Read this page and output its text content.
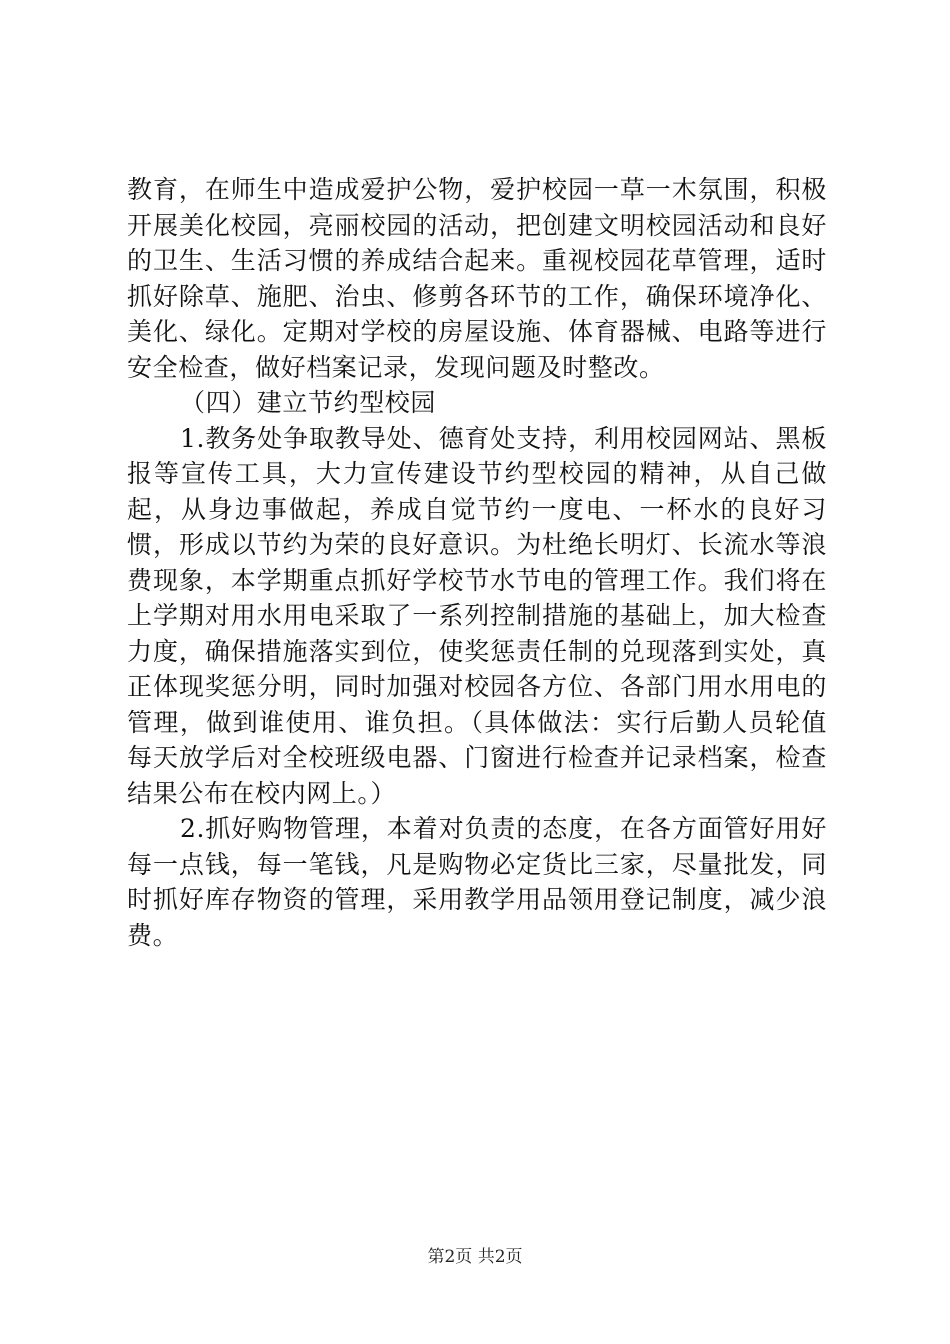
教育，在师生中造成爱护公物，爱护校园一草一木氛围，积极开展美化校园，亮丽校园的活动，把创建文明校园活动和良好的卫生、生活习惯的养成结合起来。重视校园花草管理，适时抓好除草、施肥、治虫、修剪各环节的工作，确保环境净化、美化、绿化。定期对学校的房屋设施、体育器械、电路等进行安全检查，做好档案记录，发现问题及时整改。

（四）建立节约型校园

1.教务处争取教导处、德育处支持，利用校园网站、黑板报等宣传工具，大力宣传建设节约型校园的精神，从自己做起，从身边事做起，养成自觉节约一度电、一杯水的良好习惯，形成以节约为荣的良好意识。为杜绝长明灯、长流水等浪费现象，本学期重点抓好学校节水节电的管理工作。我们将在上学期对用水用电采取了一系列控制措施的基础上，加大检查力度，确保措施落实到位，使奖惩责任制的兑现落到实处，真正体现奖惩分明，同时加强对校园各方位、各部门用水用电的管理，做到谁使用、谁负担。（具体做法：实行后勤人员轮值每天放学后对全校班级电器、门窗进行检查并记录档案，检查结果公布在校内网上。）

2.抓好购物管理，本着对负责的态度，在各方面管好用好每一点钱，每一笔钱，凡是购物必定货比三家，尽量批发，同时抓好库存物资的管理，采用教学用品领用登记制度，减少浪费。

第2页 共2页
